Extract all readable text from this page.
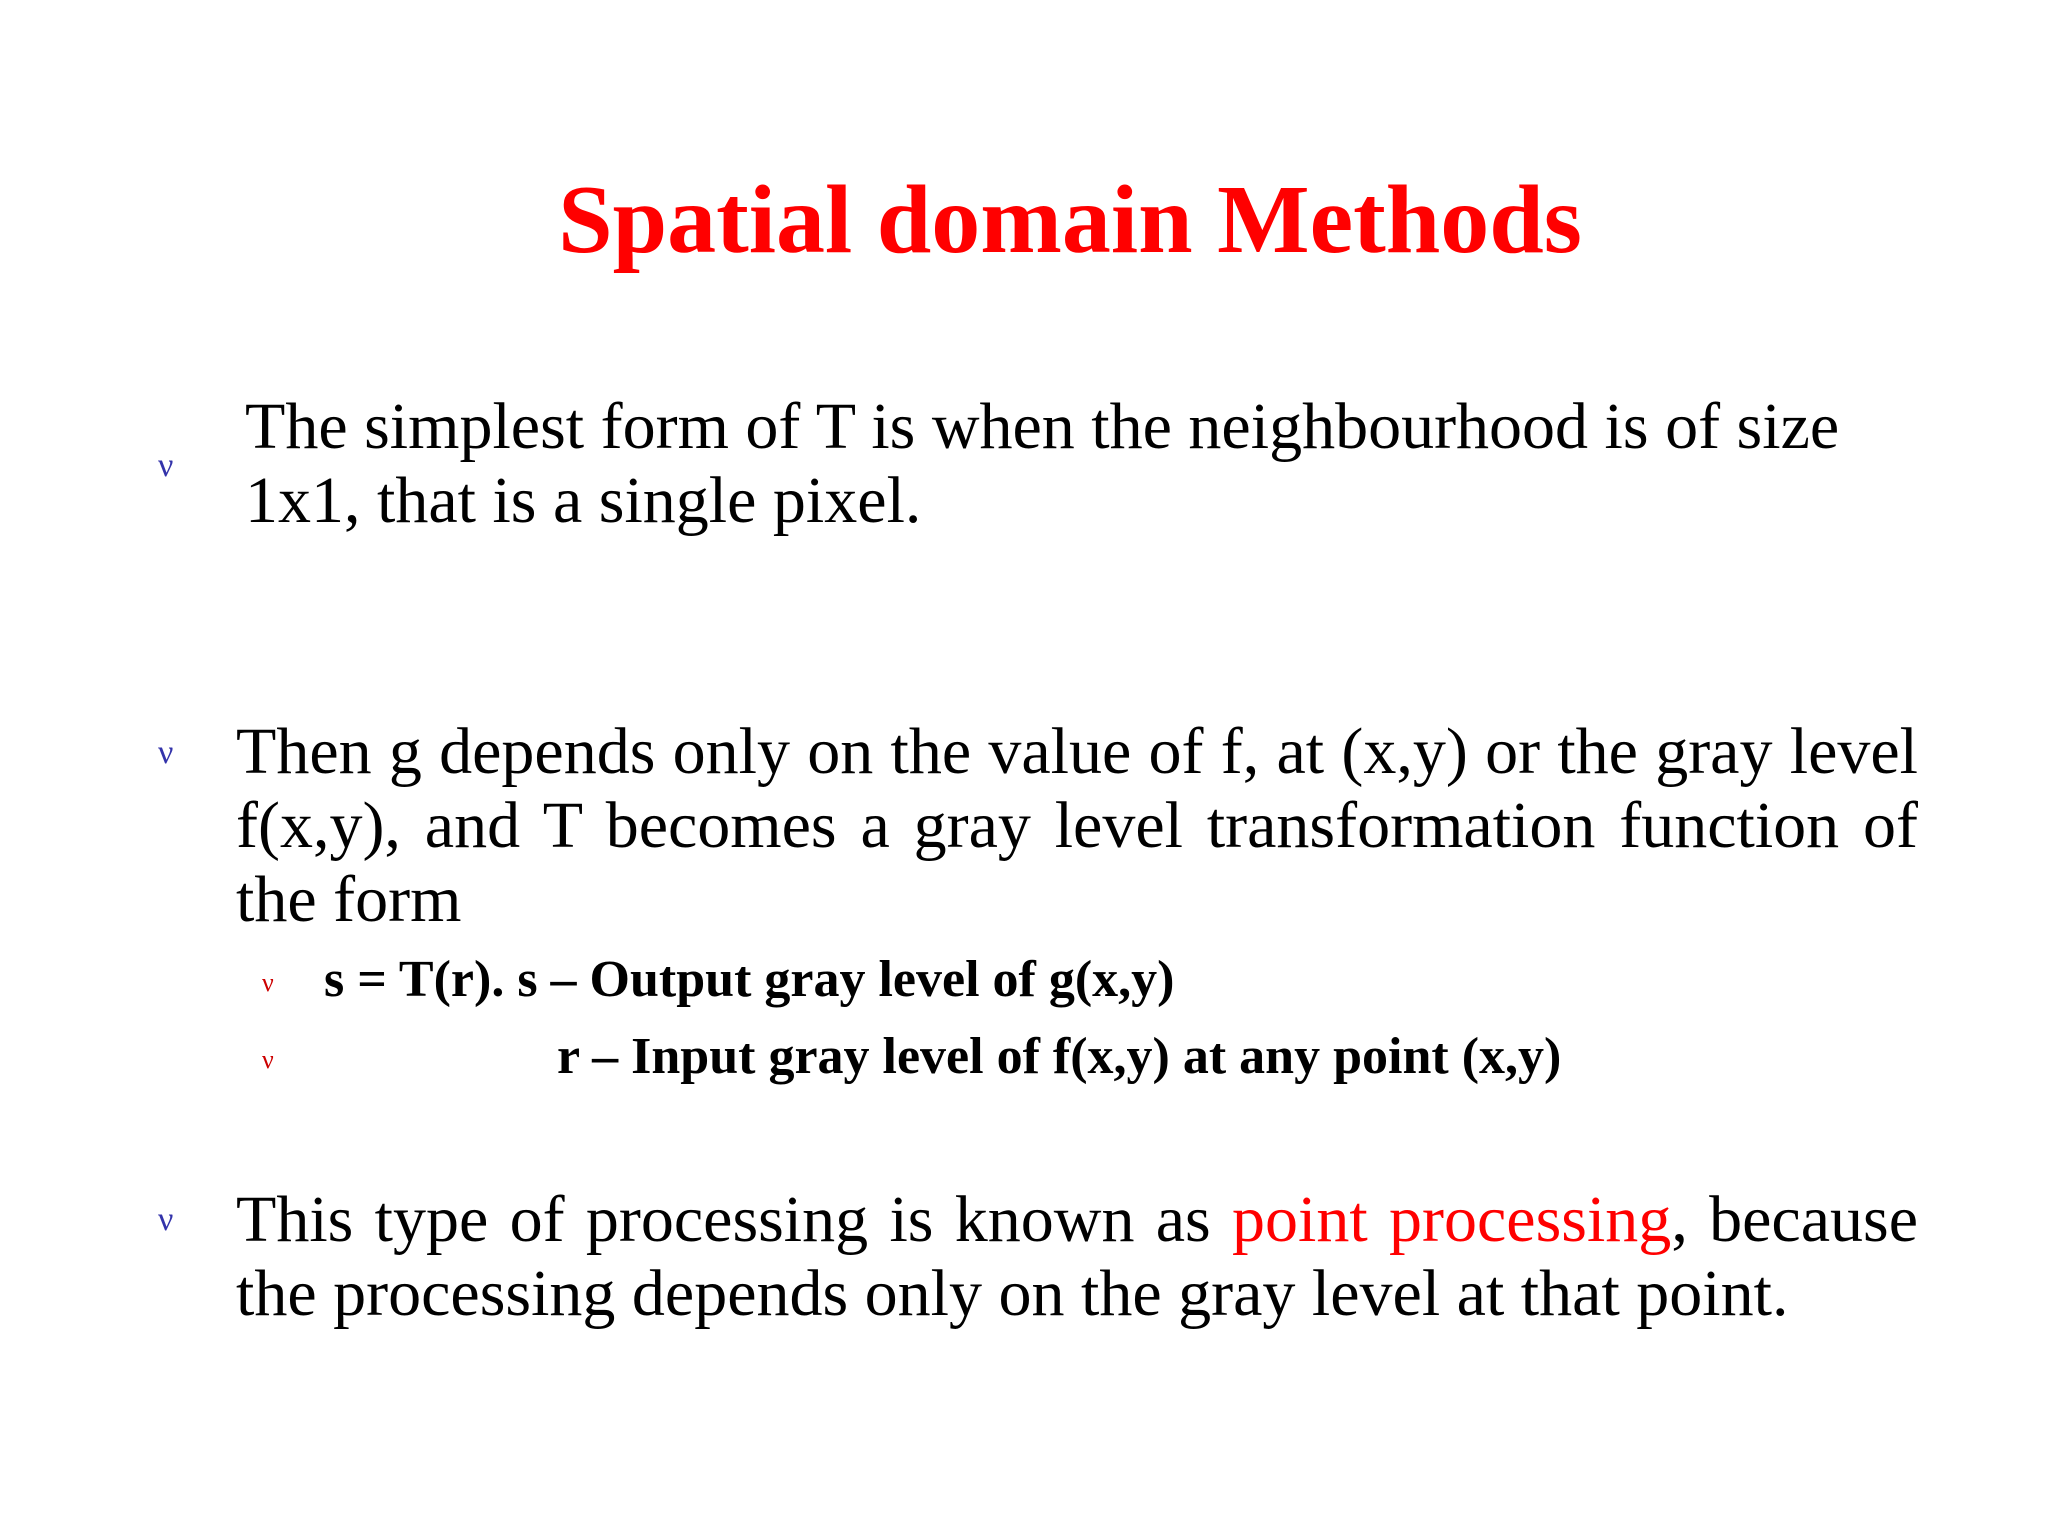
Spatial domain Methods
ν
The simplest form of T is when the neighbourhood is of size
1x1, that is a single pixel.
ν Then g depends only on the value of f, at (x,y) or the gray level f(x,y), and T becomes a gray level transformation function of the form
ν s = T(r). s – Output gray level of g(x,y)
ν	r – Input gray level of f(x,y) at any point (x,y)
ν This type of processing is known as point processing, because the processing depends only on the gray level at that point.
